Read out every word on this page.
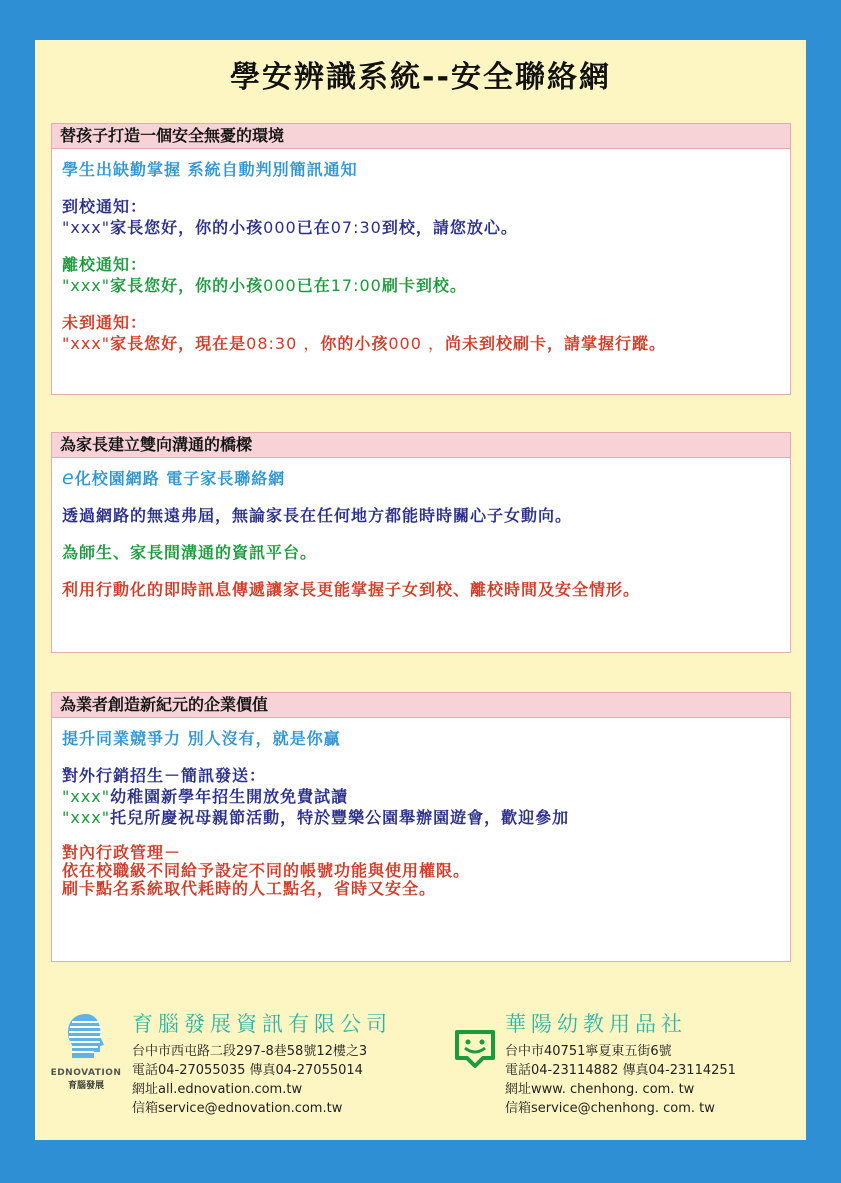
學安辨識系統--安全聯絡網
替孩子打造一個安全無憂的環境
學生出缺勤掌握 系統自動判別簡訊通知
到校通知：
"xxx"家長您好，你的小孩000已在07:30到校，請您放心。
離校通知：
"xxx"家長您好，你的小孩000已在17:00刷卡到校。
未到通知：
"xxx"家長您好，現在是08:30 ，你的小孩000 ，尚未到校刷卡，請掌握行蹤。
為家長建立雙向溝通的橋樑
e化校園網路 電子家長聯絡網
透過網路的無遠弗屆，無論家長在任何地方都能時時關心子女動向。
為師生、家長間溝通的資訊平台。
利用行動化的即時訊息傳遞讓家長更能掌握子女到校、離校時間及安全情形。
為業者創造新紀元的企業價值
提升同業競爭力 別人沒有，就是你贏
對外行銷招生－簡訊發送：
"xxx"幼稚園新學年招生開放免費試讀
"xxx"托兒所慶祝母親節活動，特於豐樂公園舉辦園遊會，歡迎參加
對內行政管理－
依在校職級不同給予設定不同的帳號功能與使用權限。
刷卡點名系統取代耗時的人工點名，省時又安全。
EDNOVATION
育腦發展
育腦發展資訊有限公司
台中市西屯路二段297-8巷58號12樓之3
電話04-27055035 傳真04-27055014
網址all.ednovation.com.tw
信箱service@ednovation.com.tw
華陽幼教用品社
台中市40751寧夏東五街6號
電話04-23114882 傳真04-23114251
網址www. chenhong. com. tw
信箱service@chenhong. com. tw
